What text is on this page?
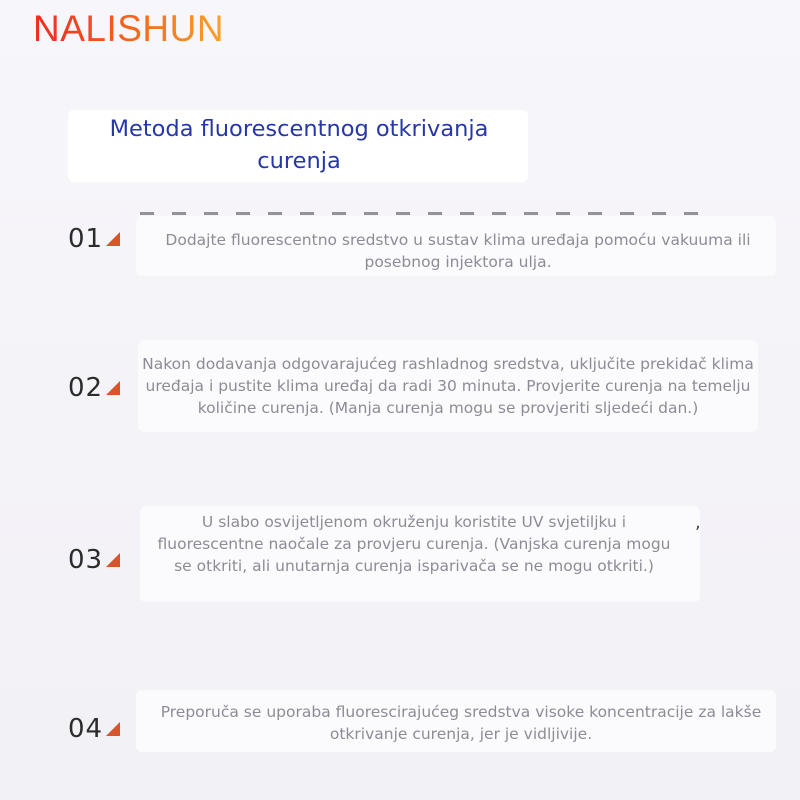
NALISHUN
Metoda fluorescentnog otkrivanja curenja
01	Dodajte fluorescentno sredstvo u sustav klima uređaja pomoću vakuuma ili posebnog injektora ulja.
02
Nakon dodavanja odgovarajućeg rashladnog sredstva, uključite prekidač klima uređaja i pustite klima uređaj da radi 30 minuta. Provjerite curenja na temelju količine curenja. (Manja curenja mogu se provjeriti sljedeći dan.)
03
U slabo osvijetljenom okruženju koristite UV svjetiljku i fluorescentne naočale za provjeru curenja. (Vanjska curenja mogu se otkriti, ali unutarnja curenja isparivača se ne mogu otkriti.)
,
04
Preporuča se uporaba fluorescirajućeg sredstva visoke koncentracije za lakše otkrivanje curenja, jer je vidljivije.
